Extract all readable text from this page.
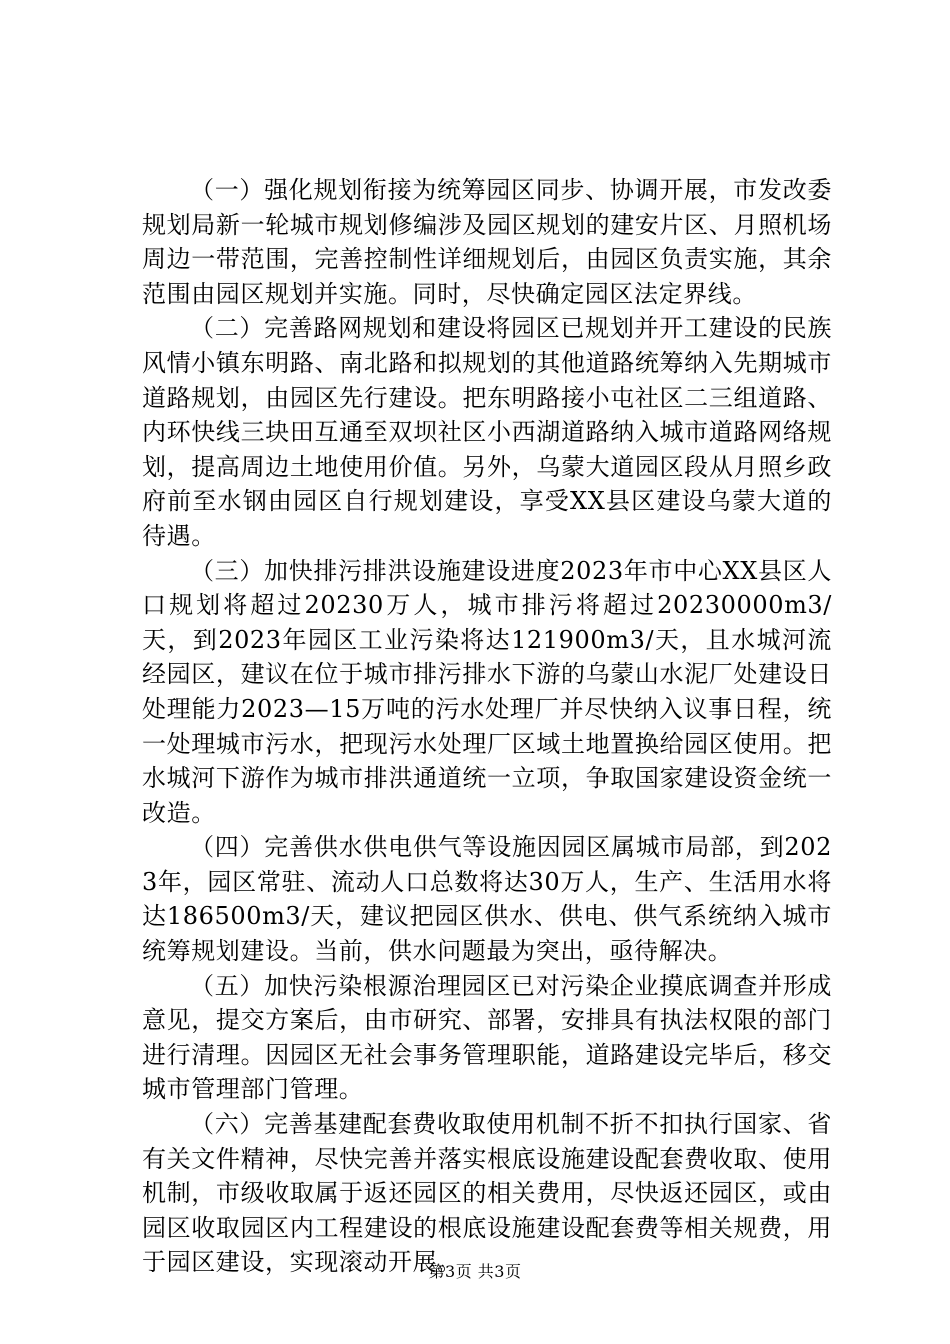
（一）强化规划衔接为统筹园区同步、协调开展，市发改委规划局新一轮城市规划修编涉及园区规划的建安片区、月照机场周边一带范围，完善控制性详细规划后，由园区负责实施，其余范围由园区规划并实施。同时，尽快确定园区法定界线。

（二）完善路网规划和建设将园区已规划并开工建设的民族风情小镇东明路、南北路和拟规划的其他道路统筹纳入先期城市道路规划，由园区先行建设。把东明路接小屯社区二三组道路、内环快线三块田互通至双坝社区小西湖道路纳入城市道路网络规划，提高周边土地使用价值。另外，乌蒙大道园区段从月照乡政府前至水钢由园区自行规划建设，享受XX县区建设乌蒙大道的待遇。

（三）加快排污排洪设施建设进度2023年市中心XX县区人口规划将超过20230万人，城市排污将超过20230000m3/天，到2023年园区工业污染将达121900m3/天，且水城河流经园区，建议在位于城市排污排水下游的乌蒙山水泥厂处建设日处理能力2023—15万吨的污水处理厂并尽快纳入议事日程，统一处理城市污水，把现污水处理厂区域土地置换给园区使用。把水城河下游作为城市排洪通道统一立项，争取国家建设资金统一改造。

（四）完善供水供电供气等设施因园区属城市局部，到2023年，园区常驻、流动人口总数将达30万人，生产、生活用水将达186500m3/天，建议把园区供水、供电、供气系统纳入城市统筹规划建设。当前，供水问题最为突出，亟待解决。

（五）加快污染根源治理园区已对污染企业摸底调查并形成意见，提交方案后，由市研究、部署，安排具有执法权限的部门进行清理。因园区无社会事务管理职能，道路建设完毕后，移交城市管理部门管理。

（六）完善基建配套费收取使用机制不折不扣执行国家、省有关文件精神，尽快完善并落实根底设施建设配套费收取、使用机制，市级收取属于返还园区的相关费用，尽快返还园区，或由园区收取园区内工程建设的根底设施建设配套费等相关规费，用于园区建设，实现滚动开展。

第3页 共3页
